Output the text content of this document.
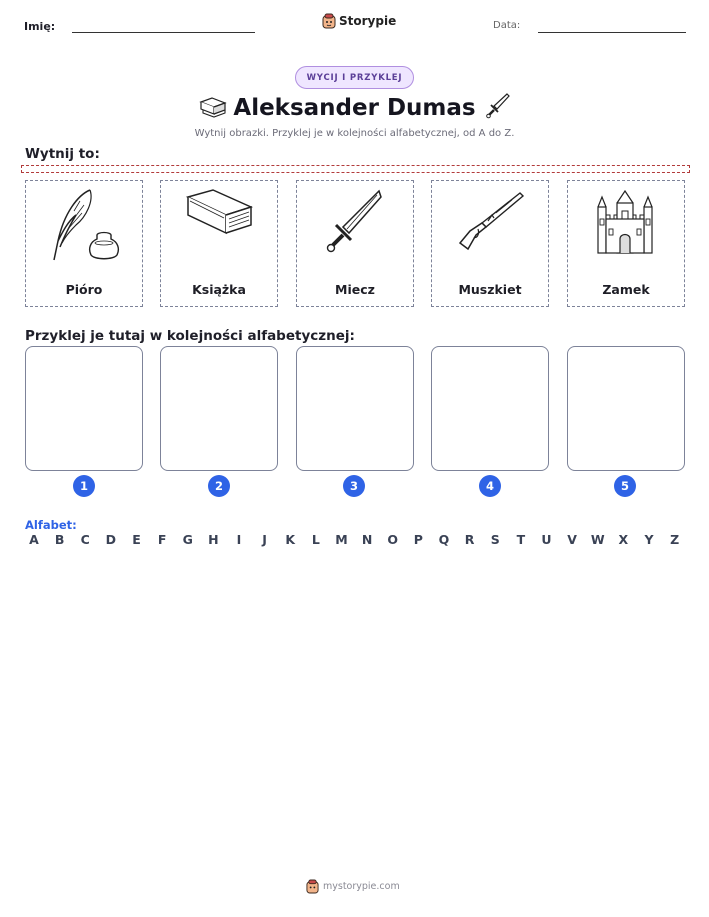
Imię:	Storypie	Data:
WYCIJ I PRZYKLEJ
Aleksander Dumas
Wytnij obrazki. Przyklej je w kolejności alfabetycznej, od A do Z.
Wytnij to:
Pióro	Książka	Miecz	Muszkiet	Zamek
Przyklej je tutaj w kolejności alfabetycznej:
1	2	3	4	5
Alfabet:
A B C D E F G H	I	J	K L M N O P Q R S T U V W X Y Z
mystorypie.com
